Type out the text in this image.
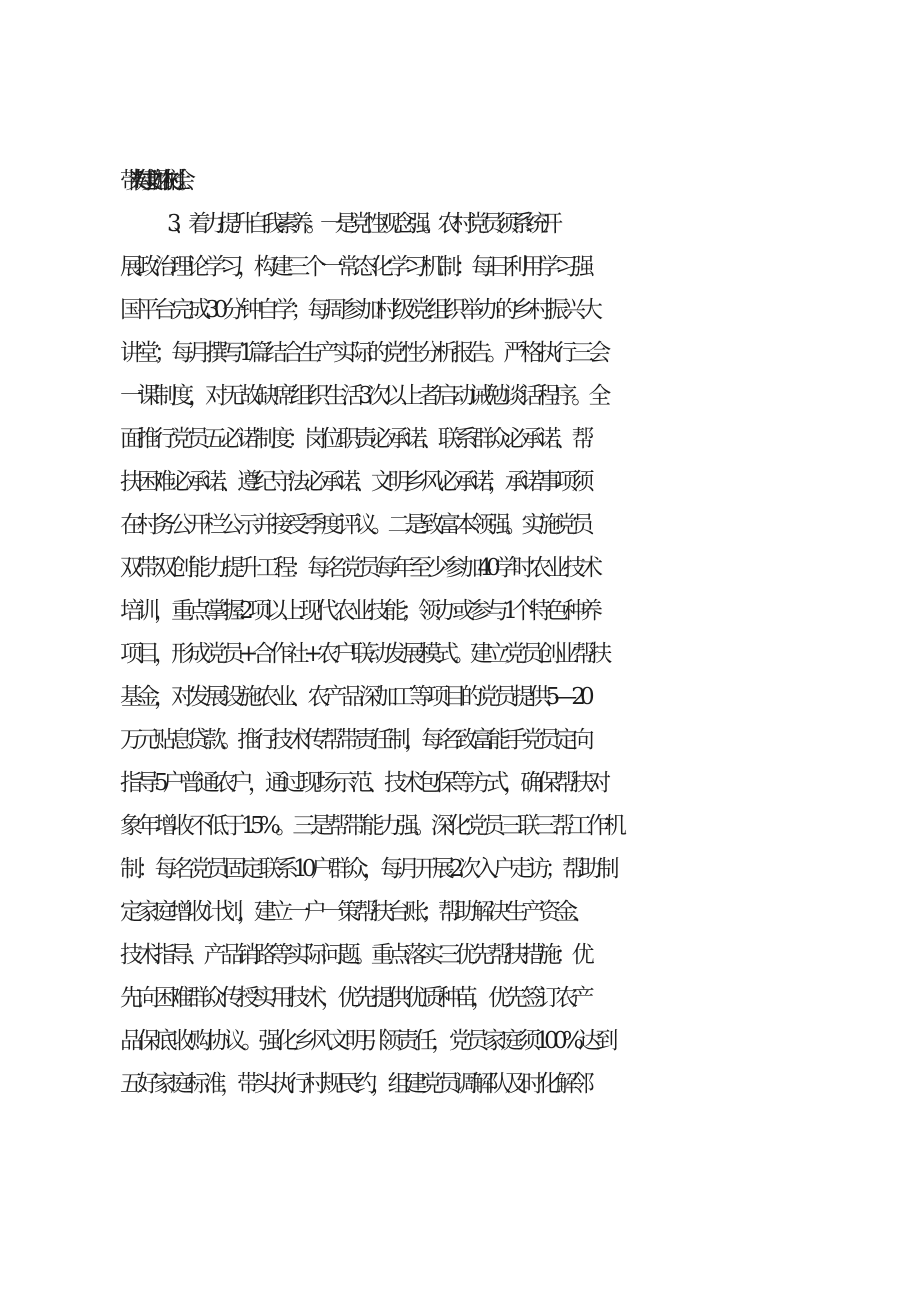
带头构建文明的农村社会。
3、着力提升自我素养。一是党性观念强。农村党员须系统开
展政治理论学习，构建三个一常态化学习机制：每日利用学习强
国平台完成30分钟自学；每周参加村级党组织举办的乡村振兴大
讲堂；每月撰写1篇结合生产实际的党性分析报告。严格执行三会
一课制度，对无故缺席组织生活3次以上者启动诫勉谈话程序。全
面推行党员五必诺制度：岗位职责必承诺、联系群众必承诺、帮
扶困难必承诺、遵纪守法必承诺、文明乡风必承诺，承诺事项须
在村务公开栏公示并接受季度评议。二是致富本领强。实施党员
双带双创能力提升工程：每名党员每年至少参加40学时农业技术
培训，重点掌握2项以上现代农业技能；领办或参与1个特色种养
项目，形成党员+合作社+农户联动发展模式。建立党员创业帮扶
基金，对发展设施农业、农产品深加工等项目的党员提供5—20
万元贴息贷款。推行技术传帮带责任制，每名致富能手党员定向
指导5户普通农户，通过现场示范、技术包保等方式，确保帮扶对
象年增收不低于15%。三是帮带能力强。深化党员三联三帮工作机
制：每名党员固定联系10户群众，每月开展2次入户走访；帮助制
定家庭增收计划，建立一户一策帮扶台账；帮助解决生产资金、
技术指导、产品销路等实际问题。重点落实三优先帮扶措施：优
先向困难群众传授实用技术，优先提供优质种苗，优先签订农产
品保底收购协议。强化乡风文明引领责任，党员家庭须100%达到
五好家庭标准，带头执行村规民约，组建党员调解队及时化解邻
